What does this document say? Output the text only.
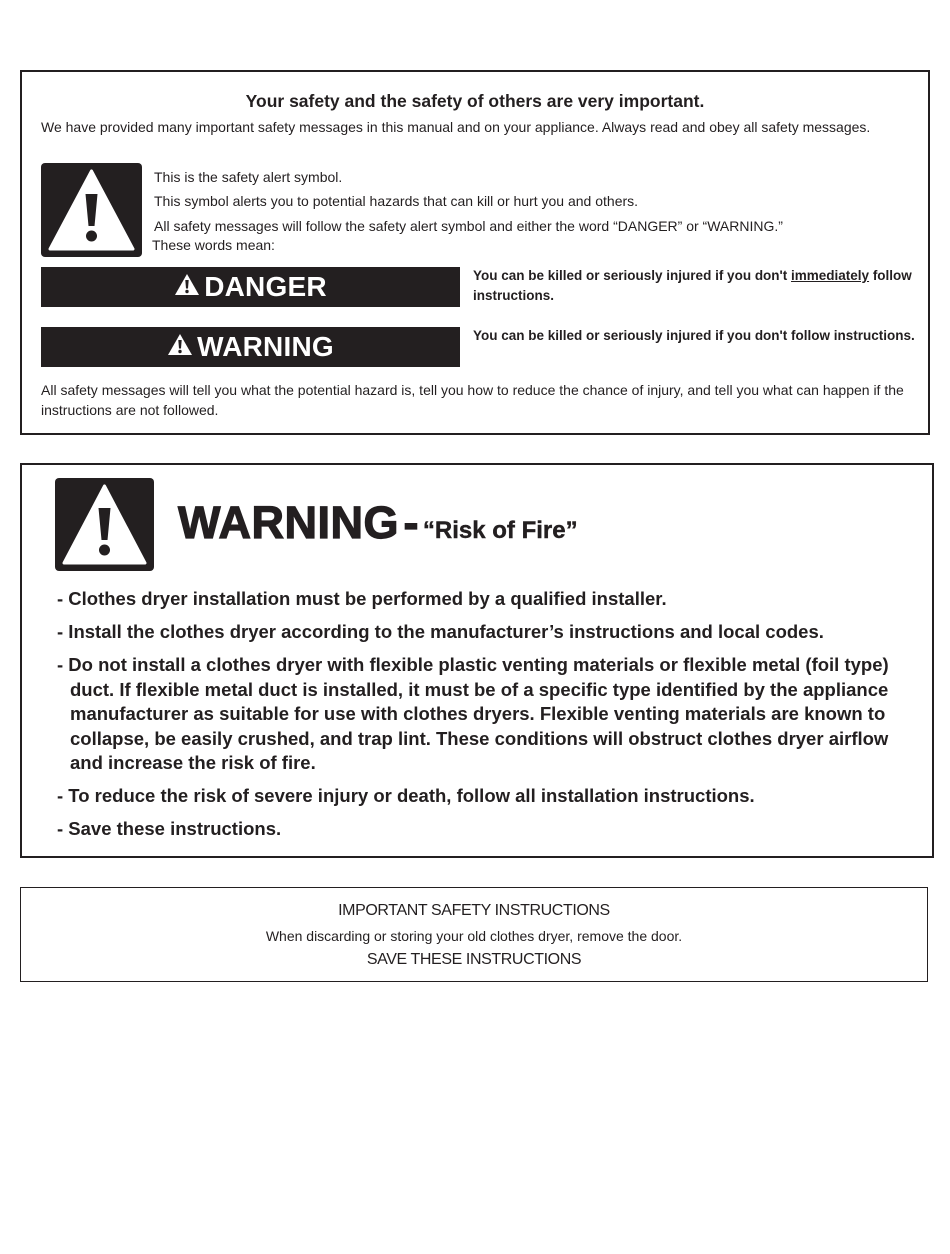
Your safety and the safety of others are very important.
We have provided many important safety messages in this manual and on your appliance. Always read and obey all safety messages.
This is the safety alert symbol.
This symbol alerts you to potential hazards that can kill or hurt you and others.
All safety messages will follow the safety alert symbol and either the word “DANGER” or “WARNING.”
These words mean:
DANGER	You can be killed or seriously injured if you don't immediately follow instructions.
WARNING	You can be killed or seriously injured if you don't follow instructions.
All safety messages will tell you what the potential hazard is, tell you how to reduce the chance of injury, and tell you what can happen if the instructions are not followed.
WARNING - “Risk of Fire”
- Clothes dryer installation must be performed by a qualified installer.
- Install the clothes dryer according to the manufacturer’s instructions and local codes.
- Do not install a clothes dryer with flexible plastic venting materials or flexible metal (foil type) duct. If flexible metal duct is installed, it must be of a specific type identified by the appliance manufacturer as suitable for use with clothes dryers. Flexible venting materials are known to collapse, be easily crushed, and trap lint. These conditions will obstruct clothes dryer airflow and increase the risk of fire.
- To reduce the risk of severe injury or death, follow all installation instructions.
- Save these instructions.
IMPORTANT SAFETY INSTRUCTIONS
When discarding or storing your old clothes dryer, remove the door.
SAVE THESE INSTRUCTIONS
